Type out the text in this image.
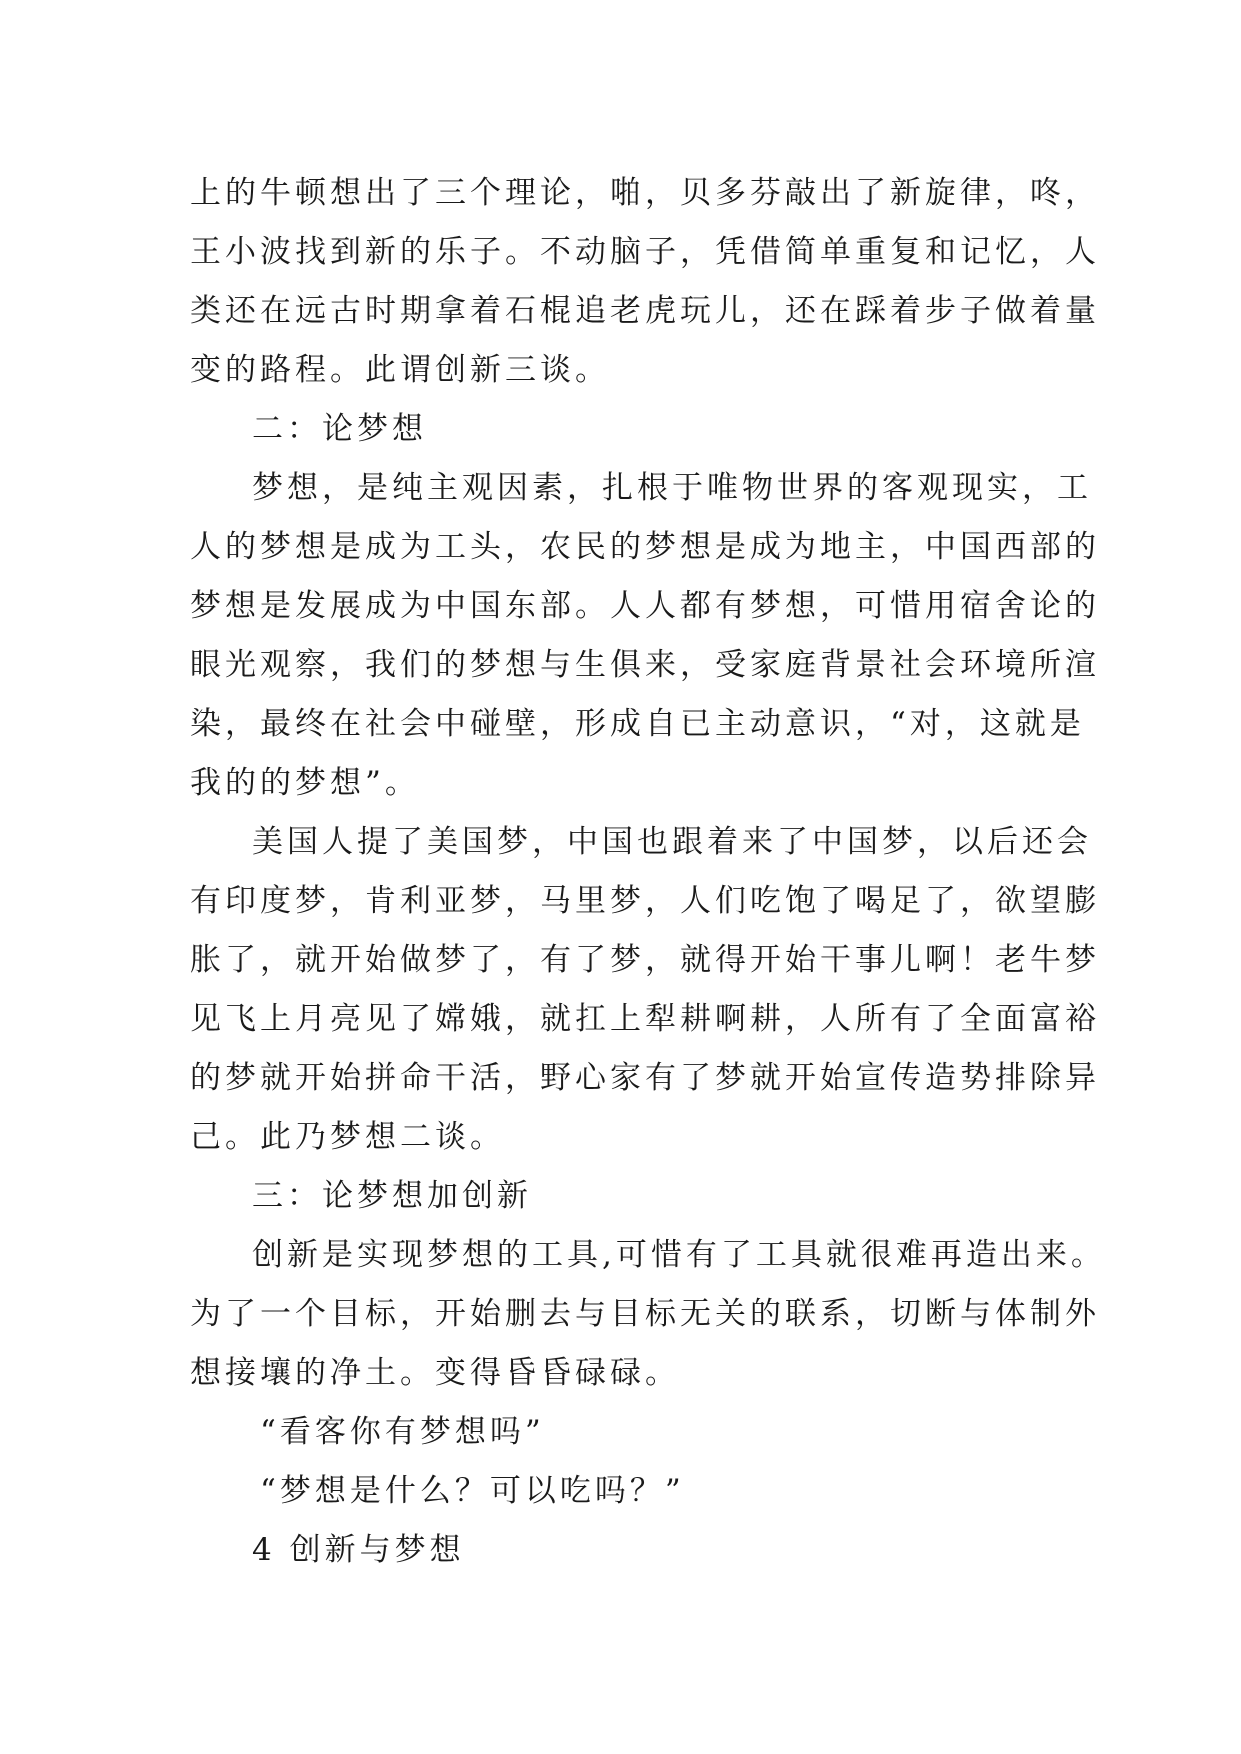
上的牛顿想出了三个理论，啪，贝多芬敲出了新旋律，咚，
王小波找到新的乐子。不动脑子，凭借简单重复和记忆，人
类还在远古时期拿着石棍追老虎玩儿，还在踩着步子做着量
变的路程。此谓创新三谈。
二：论梦想
梦想，是纯主观因素，扎根于唯物世界的客观现实，工
人的梦想是成为工头，农民的梦想是成为地主，中国西部的
梦想是发展成为中国东部。人人都有梦想，可惜用宿舍论的
眼光观察，我们的梦想与生俱来，受家庭背景社会环境所渲
染，最终在社会中碰壁，形成自已主动意识，“对，这就是
我的的梦想”。
美国人提了美国梦，中国也跟着来了中国梦，以后还会
有印度梦，肯利亚梦，马里梦，人们吃饱了喝足了，欲望膨
胀了，就开始做梦了，有了梦，就得开始干事儿啊！老牛梦
见飞上月亮见了嫦娥，就扛上犁耕啊耕，人所有了全面富裕
的梦就开始拼命干活，野心家有了梦就开始宣传造势排除异
己。此乃梦想二谈。
三：论梦想加创新
创新是实现梦想的工具,可惜有了工具就很难再造出来。
为了一个目标，开始删去与目标无关的联系，切断与体制外
想接壤的净土。变得昏昏碌碌。
“看客你有梦想吗”
“梦想是什么？可以吃吗？”
4 创新与梦想
